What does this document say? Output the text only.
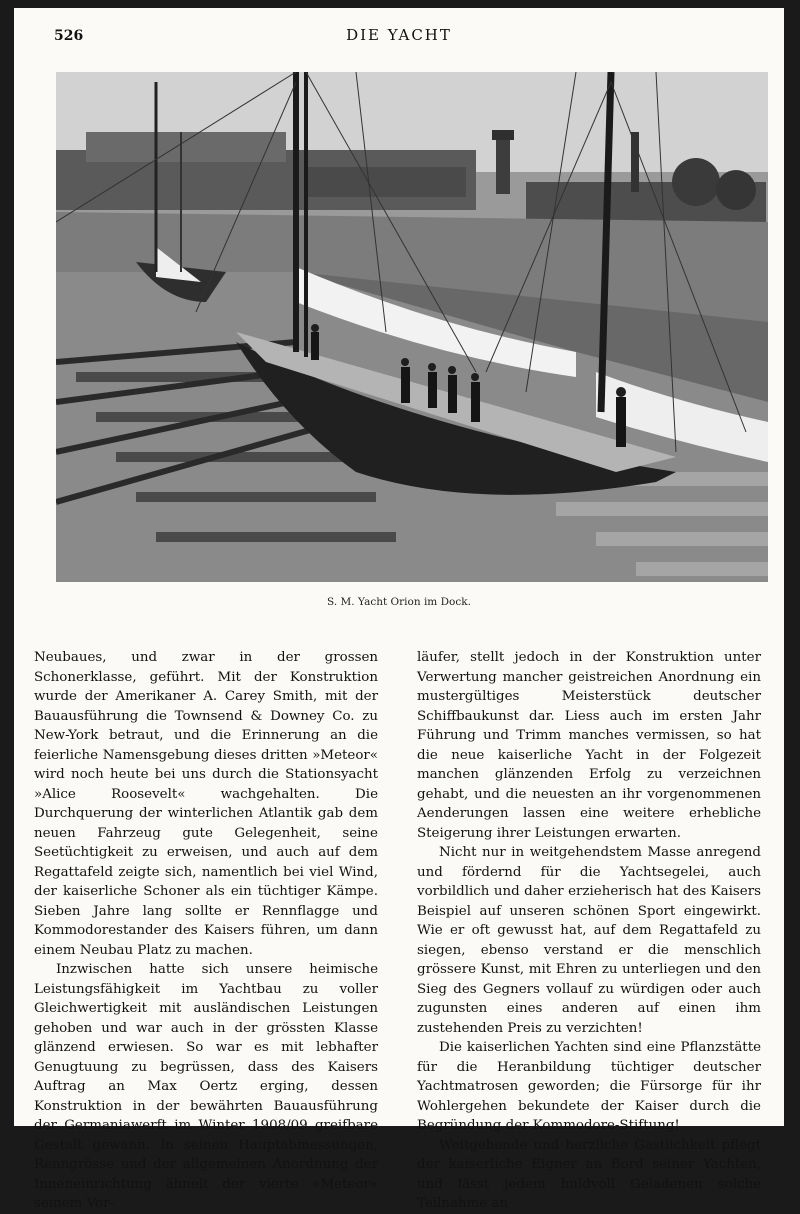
526	DIE YACHT
S. M. Yacht Orion im Dock.

Neubaues, und zwar in der grossen Schonerklasse, geführt. Mit der Konstruktion wurde der Amerikaner A. Carey Smith, mit der Bauausführung die Townsend & Downey Co. zu New-York betraut, und die Erinnerung an die feierliche Namensgebung dieses dritten »Meteor« wird noch heute bei uns durch die Stationsyacht »Alice Roosevelt« wachgehalten. Die Durchquerung der winterlichen Atlantik gab dem neuen Fahrzeug gute Gelegenheit, seine Seetüchtigkeit zu erweisen, und auch auf dem Regattafeld zeigte sich, namentlich bei viel Wind, der kaiserliche Schoner als ein tüchtiger Kämpe. Sieben Jahre lang sollte er Rennflagge und Kommodorestander des Kaisers führen, um dann einem Neubau Platz zu machen.

Inzwischen hatte sich unsere heimische Leistungsfähigkeit im Yachtbau zu voller Gleichwertigkeit mit ausländischen Leistungen gehoben und war auch in der grössten Klasse glänzend erwiesen. So war es mit lebhafter Genugtuung zu begrüssen, dass des Kaisers Auftrag an Max Oertz erging, dessen Konstruktion in der bewährten Bauausführung der Germaniawerft im Winter 1908/09 greifbare Gestalt gewann. In seinen Hauptabmessungen, Renngrösse und der allgemeinen Anordnung der Inneneinrichtung ähnelt der vierte »Meteor« seinem Vor-

läufer, stellt jedoch in der Konstruktion unter Verwertung mancher geistreichen Anordnung ein mustergültiges Meisterstück deutscher Schiffbaukunst dar. Liess auch im ersten Jahr Führung und Trimm manches vermissen, so hat die neue kaiserliche Yacht in der Folgezeit manchen glänzenden Erfolg zu verzeichnen gehabt, und die neuesten an ihr vorgenommenen Aenderungen lassen eine weitere erhebliche Steigerung ihrer Leistungen erwarten.

Nicht nur in weitgehendstem Masse anregend und fördernd für die Yachtsegelei, auch vorbildlich und daher erzieherisch hat des Kaisers Beispiel auf unseren schönen Sport eingewirkt. Wie er oft gewusst hat, auf dem Regattafeld zu siegen, ebenso verstand er die menschlich grössere Kunst, mit Ehren zu unterliegen und den Sieg des Gegners vollauf zu würdigen oder auch zugunsten eines anderen auf einen ihm zustehenden Preis zu verzichten!

Die kaiserlichen Yachten sind eine Pflanzstätte für die Heranbildung tüchtiger deutscher Yachtmatrosen geworden; die Fürsorge für ihr Wohlergehen bekundete der Kaiser durch die Begründung der Kommodore-Stiftung!

Weitgehende und herzliche Gastlichkeit pflegt der kaiserliche Eigner an Bord seiner Yachten, und lässt jedem huldvoll Geladenen solche Teilnahme an
